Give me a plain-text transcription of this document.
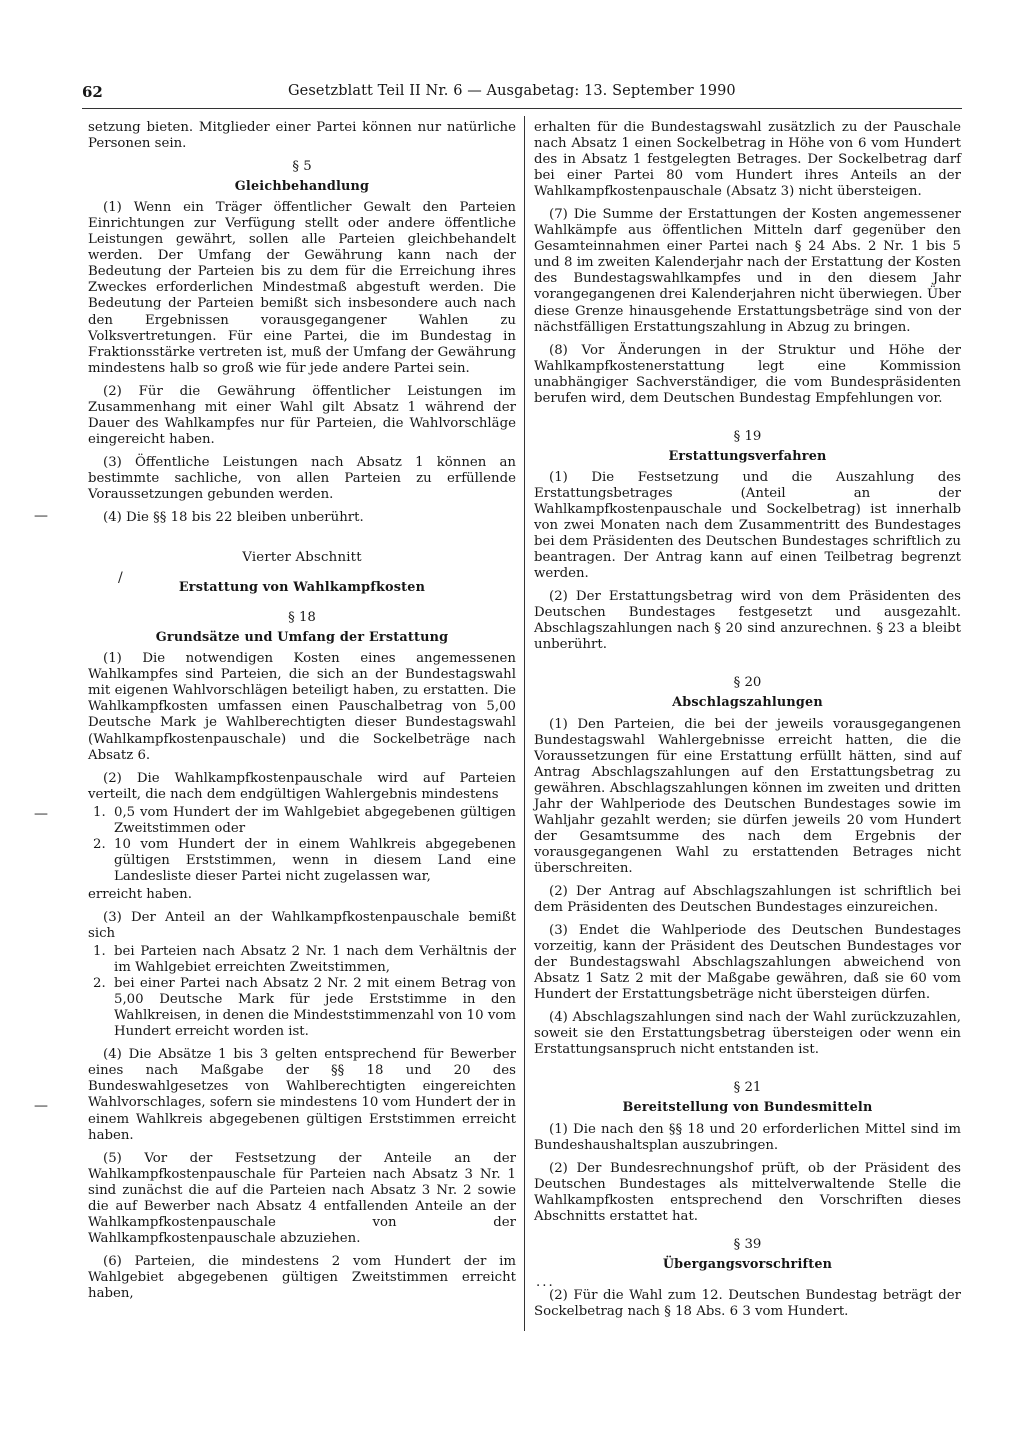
62	Gesetzblatt Teil II Nr. 6 — Ausgabetag: 13. September 1990
—
/
—
—

setzung bieten. Mitglieder einer Partei können nur natürliche Personen sein.

§ 5
Gleichbehandlung

(1) Wenn ein Träger öffentlicher Gewalt den Parteien Einrichtungen zur Verfügung stellt oder andere öffentliche Leistungen gewährt, sollen alle Parteien gleichbehandelt werden. Der Umfang der Gewährung kann nach der Bedeutung der Parteien bis zu dem für die Erreichung ihres Zweckes erforderlichen Mindestmaß abgestuft werden. Die Bedeutung der Parteien bemißt sich insbesondere auch nach den Ergebnissen vorausgegangener Wahlen zu Volksvertretungen. Für eine Partei, die im Bundestag in Fraktionsstärke vertreten ist, muß der Umfang der Gewährung mindestens halb so groß wie für jede andere Partei sein.

(2) Für die Gewährung öffentlicher Leistungen im Zusammenhang mit einer Wahl gilt Absatz 1 während der Dauer des Wahlkampfes nur für Parteien, die Wahlvorschläge eingereicht haben.

(3) Öffentliche Leistungen nach Absatz 1 können an bestimmte sachliche, von allen Parteien zu erfüllende Voraussetzungen gebunden werden.

(4) Die §§ 18 bis 22 bleiben unberührt.

Vierter Abschnitt
Erstattung von Wahlkampfkosten
§ 18
Grundsätze und Umfang der Erstattung

(1) Die notwendigen Kosten eines angemessenen Wahlkampfes sind Parteien, die sich an der Bundestagswahl mit eigenen Wahlvorschlägen beteiligt haben, zu erstatten. Die Wahlkampfkosten umfassen einen Pauschalbetrag von 5,00 Deutsche Mark je Wahlberechtigten dieser Bundestagswahl (Wahlkampfkostenpauschale) und die Sockelbeträge nach Absatz 6.

(2) Die Wahlkampfkostenpauschale wird auf Parteien verteilt, die nach dem endgültigen Wahlergebnis mindestens

1. 0,5 vom Hundert der im Wahlgebiet abgegebenen gültigen Zweitstimmen oder
2. 10 vom Hundert der in einem Wahlkreis abgegebenen gültigen Erststimmen, wenn in diesem Land eine Landesliste dieser Partei nicht zugelassen war,

erreicht haben.

(3) Der Anteil an der Wahlkampfkostenpauschale bemißt sich

1. bei Parteien nach Absatz 2 Nr. 1 nach dem Verhältnis der im Wahlgebiet erreichten Zweitstimmen,
2. bei einer Partei nach Absatz 2 Nr. 2 mit einem Betrag von 5,00 Deutsche Mark für jede Erststimme in den Wahlkreisen, in denen die Mindeststimmenzahl von 10 vom Hundert erreicht worden ist.

(4) Die Absätze 1 bis 3 gelten entsprechend für Bewerber eines nach Maßgabe der §§ 18 und 20 des Bundeswahlgesetzes von Wahlberechtigten eingereichten Wahlvorschlages, sofern sie mindestens 10 vom Hundert der in einem Wahlkreis abgegebenen gültigen Erststimmen erreicht haben.

(5) Vor der Festsetzung der Anteile an der Wahlkampfkostenpauschale für Parteien nach Absatz 3 Nr. 1 sind zunächst die auf die Parteien nach Absatz 3 Nr. 2 sowie die auf Bewerber nach Absatz 4 entfallenden Anteile an der Wahlkampfkostenpauschale von der Wahlkampfkostenpauschale abzuziehen.

(6) Parteien, die mindestens 2 vom Hundert der im Wahlgebiet abgegebenen gültigen Zweitstimmen erreicht haben,

erhalten für die Bundestagswahl zusätzlich zu der Pauschale nach Absatz 1 einen Sockelbetrag in Höhe von 6 vom Hundert des in Absatz 1 festgelegten Betrages. Der Sockelbetrag darf bei einer Partei 80 vom Hundert ihres Anteils an der Wahlkampfkostenpauschale (Absatz 3) nicht übersteigen.

(7) Die Summe der Erstattungen der Kosten angemessener Wahlkämpfe aus öffentlichen Mitteln darf gegenüber den Gesamteinnahmen einer Partei nach § 24 Abs. 2 Nr. 1 bis 5 und 8 im zweiten Kalenderjahr nach der Erstattung der Kosten des Bundestagswahlkampfes und in den diesem Jahr vorangegangenen drei Kalenderjahren nicht überwiegen. Über diese Grenze hinausgehende Erstattungsbeträge sind von der nächstfälligen Erstattungszahlung in Abzug zu bringen.

(8) Vor Änderungen in der Struktur und Höhe der Wahlkampfkostenerstattung legt eine Kommission unabhängiger Sachverständiger, die vom Bundespräsidenten berufen wird, dem Deutschen Bundestag Empfehlungen vor.

§ 19
Erstattungsverfahren

(1) Die Festsetzung und die Auszahlung des Erstattungsbetrages (Anteil an der Wahlkampfkostenpauschale und Sockelbetrag) ist innerhalb von zwei Monaten nach dem Zusammentritt des Bundestages bei dem Präsidenten des Deutschen Bundestages schriftlich zu beantragen. Der Antrag kann auf einen Teilbetrag begrenzt werden.

(2) Der Erstattungsbetrag wird von dem Präsidenten des Deutschen Bundestages festgesetzt und ausgezahlt. Abschlagszahlungen nach § 20 sind anzurechnen. § 23 a bleibt unberührt.

§ 20
Abschlagszahlungen

(1) Den Parteien, die bei der jeweils vorausgegangenen Bundestagswahl Wahlergebnisse erreicht hatten, die die Voraussetzungen für eine Erstattung erfüllt hätten, sind auf Antrag Abschlagszahlungen auf den Erstattungsbetrag zu gewähren. Abschlagszahlungen können im zweiten und dritten Jahr der Wahlperiode des Deutschen Bundestages sowie im Wahljahr gezahlt werden; sie dürfen jeweils 20 vom Hundert der Gesamtsumme des nach dem Ergebnis der vorausgegangenen Wahl zu erstattenden Betrages nicht überschreiten.

(2) Der Antrag auf Abschlagszahlungen ist schriftlich bei dem Präsidenten des Deutschen Bundestages einzureichen.

(3) Endet die Wahlperiode des Deutschen Bundestages vorzeitig, kann der Präsident des Deutschen Bundestages vor der Bundestagswahl Abschlagszahlungen abweichend von Absatz 1 Satz 2 mit der Maßgabe gewähren, daß sie 60 vom Hundert der Erstattungsbeträge nicht übersteigen dürfen.

(4) Abschlagszahlungen sind nach der Wahl zurückzuzahlen, soweit sie den Erstattungsbetrag übersteigen oder wenn ein Erstattungsanspruch nicht entstanden ist.

§ 21
Bereitstellung von Bundesmitteln

(1) Die nach den §§ 18 und 20 erforderlichen Mittel sind im Bundeshaushaltsplan auszubringen.

(2) Der Bundesrechnungshof prüft, ob der Präsident des Deutschen Bundestages als mittelverwaltende Stelle die Wahlkampfkosten entsprechend den Vorschriften dieses Abschnitts erstattet hat.

§ 39
Übergangsvorschriften

...

(2) Für die Wahl zum 12. Deutschen Bundestag beträgt der Sockelbetrag nach § 18 Abs. 6 3 vom Hundert.
